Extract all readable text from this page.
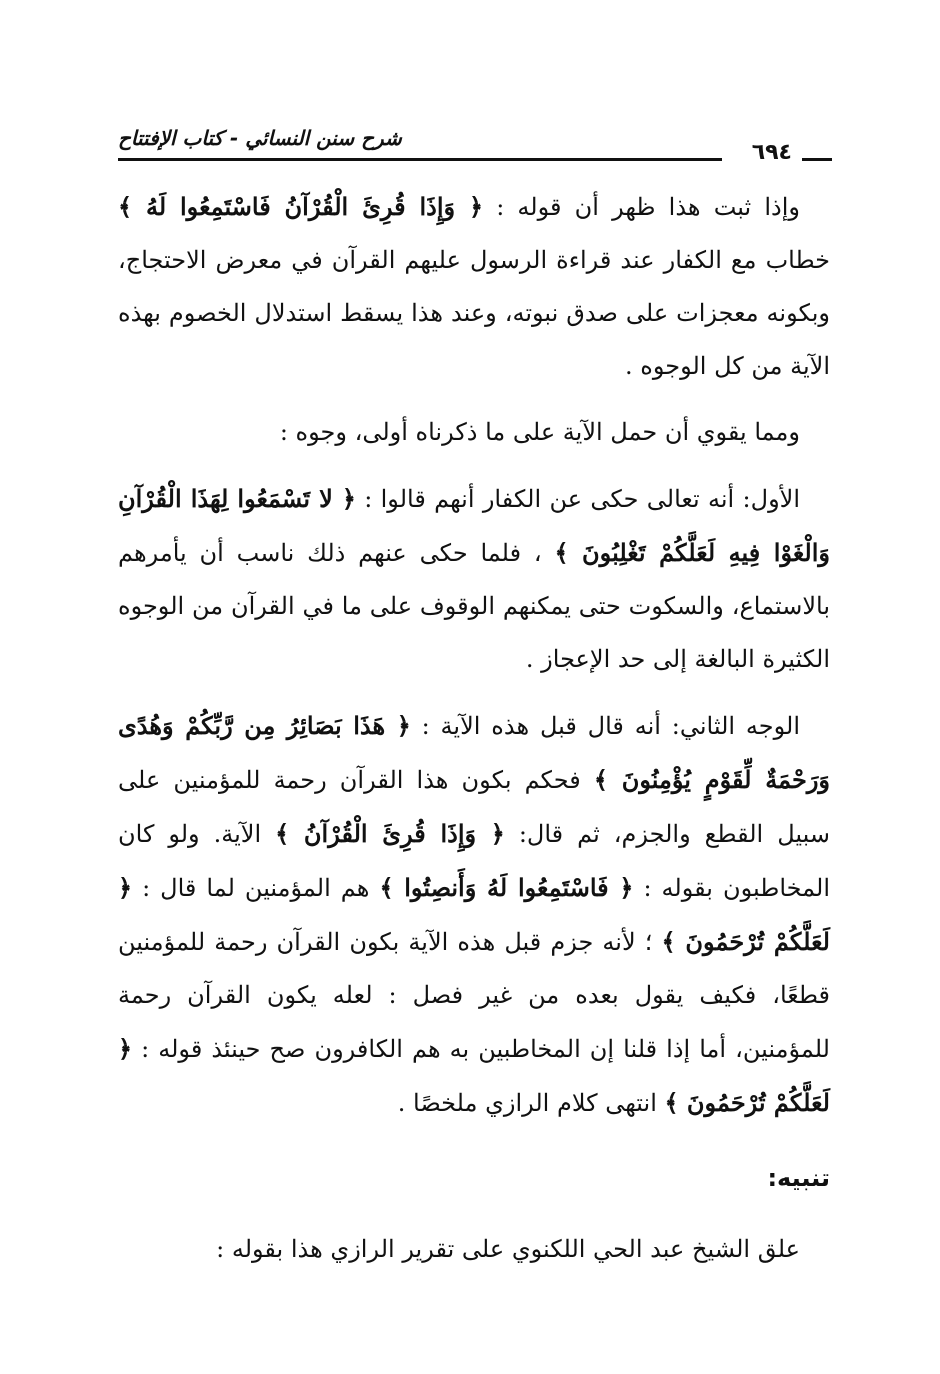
شرح سنن النسائي - كتاب الإفتتاح
٦٩٤

وإذا ثبت هذا ظهر أن قوله : ﴿ وَإِذَا قُرِئَ الْقُرْآنُ فَاسْتَمِعُوا لَهُ ﴾ خطاب مع الكفار عند قراءة الرسول عليهم القرآن في معرض الاحتجاج، وبكونه معجزات على صدق نبوته، وعند هذا يسقط استدلال الخصوم بهذه الآية من كل الوجوه .

ومما يقوي أن حمل الآية على ما ذكرناه أولى، وجوه :

الأول: أنه تعالى حكى عن الكفار أنهم قالوا : ﴿ لا تَسْمَعُوا لِهَذَا الْقُرْآنِ وَالْغَوْا فِيهِ لَعَلَّكُمْ تَغْلِبُونَ ﴾ ، فلما حكى عنهم ذلك ناسب أن يأمرهم بالاستماع، والسكوت حتى يمكنهم الوقوف على ما في القرآن من الوجوه الكثيرة البالغة إلى حد الإعجاز .

الوجه الثاني: أنه قال قبل هذه الآية : ﴿ هَذَا بَصَائِرُ مِن رَّبِّكُمْ وَهُدًى وَرَحْمَةٌ لِّقَوْمٍ يُؤْمِنُونَ ﴾ فحكم بكون هذا القرآن رحمة للمؤمنين على سبيل القطع والجزم، ثم قال: ﴿ وَإِذَا قُرِئَ الْقُرْآنُ ﴾ الآية. ولو كان المخاطبون بقوله : ﴿ فَاسْتَمِعُوا لَهُ وَأَنصِتُوا ﴾ هم المؤمنين لما قال : ﴿ لَعَلَّكُمْ تُرْحَمُونَ ﴾ ؛ لأنه جزم قبل هذه الآية بكون القرآن رحمة للمؤمنين قطعًا، فكيف يقول بعده من غير فصل : لعله يكون القرآن رحمة للمؤمنين، أما إذا قلنا إن المخاطبين به هم الكافرون صح حينئذ قوله : ﴿ لَعَلَّكُمْ تُرْحَمُونَ ﴾ انتهى كلام الرازي ملخصًا .

تنبيه:

علق الشيخ عبد الحي اللكنوي على تقرير الرازي هذا بقوله :
